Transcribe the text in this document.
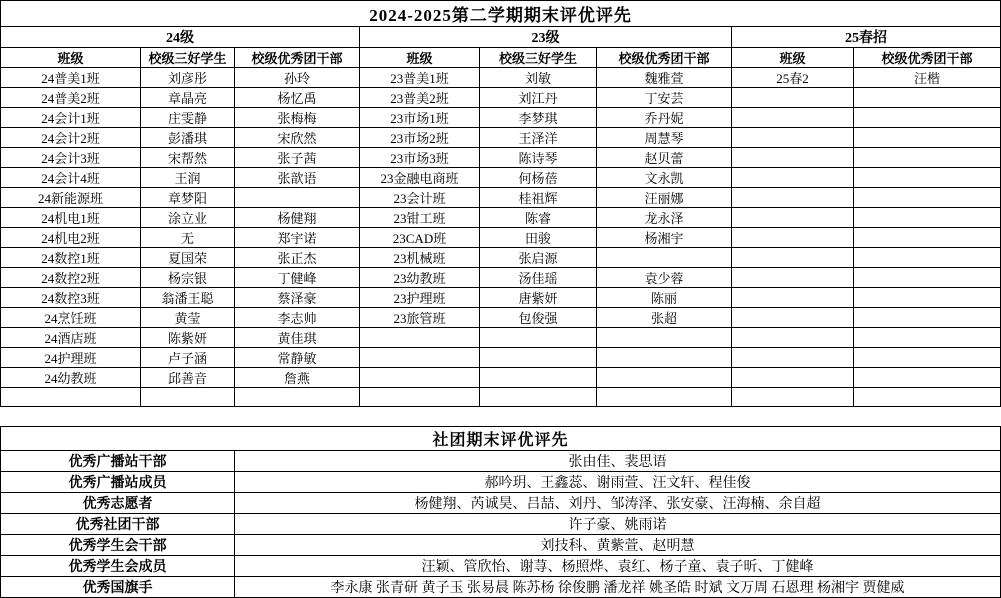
2024-2025第二学期期末评优评先							
24级			23级			25春招	
班级	校级三好学生	校级优秀团干部	班级	校级三好学生	校级优秀团干部	班级	校级优秀团干部
24普美1班	刘彦彤	孙玲	23普美1班	刘敏	魏雅萱	25春2	汪楷
24普美2班	章晶亮	杨忆禹	23普美2班	刘江丹	丁安芸		
24会计1班	庄雯静	张梅梅	23市场1班	李梦琪	乔丹妮		
24会计2班	彭潘琪	宋欣然	23市场2班	王泽洋	周慧琴		
24会计3班	宋帮然	张子茜	23市场3班	陈诗琴	赵贝蕾		
24会计4班	王润	张歆语	23金融电商班	何杨蓓	文永凯		
24新能源班	章梦阳		23会计班	桂祖辉	汪丽娜		
24机电1班	涂立业	杨健翔	23钳工班	陈睿	龙永泽		
24机电2班	无	郑宇诺	23CAD班	田骏	杨湘宇		
24数控1班	夏国荣	张正杰	23机械班	张启源			
24数控2班	杨宗银	丁健峰	23幼教班	汤佳瑶	袁少蓉		
24数控3班	翁潘王聪	蔡泽豪	23护理班	唐紫妍	陈丽		
24烹饪班	黄莹	李志帅	23旅管班	包俊强	张超		
24酒店班	陈紫妍	黄佳琪					
24护理班	卢子涵	常静敏					
24幼教班	邱善音	詹燕					

社团期末评优评先	
优秀广播站干部	张由佳、裴思语
优秀广播站成员	郝吟玥、王鑫蕊、谢雨萱、汪文轩、程佳俊
优秀志愿者	杨健翔、芮诚昊、吕喆、刘丹、邹涛泽、张安豪、汪海楠、余自超
优秀社团干部	许子豪、姚雨诺
优秀学生会干部	刘技科、黄紫萱、赵明慧
优秀学生会成员	汪颖、管欣怡、谢荨、杨照烨、袁红、杨子童、袁子昕、丁健峰
优秀国旗手	李永康 张青研 黄子玉 张易晨 陈苏杨 徐俊鹏 潘龙祥 姚圣皓 时斌 文万周 石恩理 杨湘宇 贾健威
